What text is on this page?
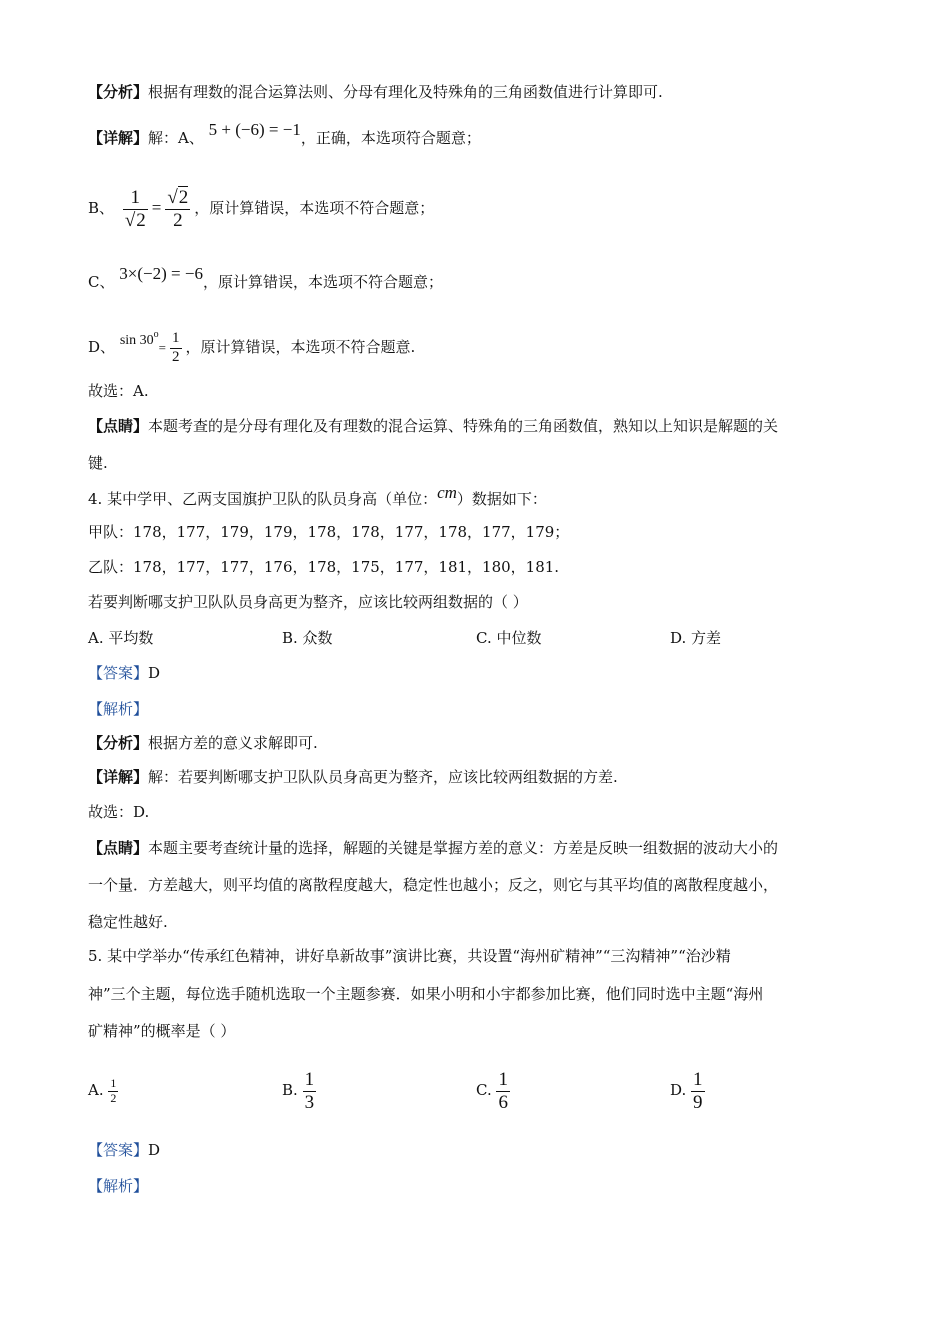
【分析】根据有理数的混合运算法则、分母有理化及特殊角的三角函数值进行计算即可.
【详解】解：A、 5 + (−6) = −1，正确，本选项符合题意；
B、 $\frac{1}{√2} = \frac{√2}{2}$ ，原计算错误，本选项不符合题意；
C、 3×(−2) = −6，原计算错误，本选项不符合题意；
D、 $\sin 30^o= \frac{1}{2}$ ，原计算错误，本选项不符合题意.
故选：A.
【点睛】本题考查的是分母有理化及有理数的混合运算、特殊角的三角函数值，熟知以上知识是解题的关
键.
4. 某中学甲、乙两支国旗护卫队的队员身高（单位：cm）数据如下：
甲队：178，177，179，179，178，178，177，178，177，179；
乙队：178，177，177，176，178，175，177，181，180，181.
若要判断哪支护卫队队员身高更为整齐，应该比较两组数据的（ ）
A. 平均数	B. 众数	C. 中位数	D. 方差
【答案】D
【解析】
【分析】根据方差的意义求解即可.
【详解】解：若要判断哪支护卫队队员身高更为整齐，应该比较两组数据的方差.
故选：D.
【点睛】本题主要考查统计量的选择，解题的关键是掌握方差的意义：方差是反映一组数据的波动大小的
一个量．方差越大，则平均值的离散程度越大，稳定性也越小；反之，则它与其平均值的离散程度越小，
稳定性越好.
5. 某中学举办“传承红色精神，讲好阜新故事”演讲比赛，共设置“海州矿精神”“三沟精神”“治沙精
神”三个主题，每位选手随机选取一个主题参赛．如果小明和小宇都参加比赛，他们同时选中主题“海州
矿精神”的概率是（ ）
A. $\frac{1}{2}$	B. $\frac{1}{3}$	C. $\frac{1}{6}$	D. $\frac{1}{9}$
【答案】D
【解析】
